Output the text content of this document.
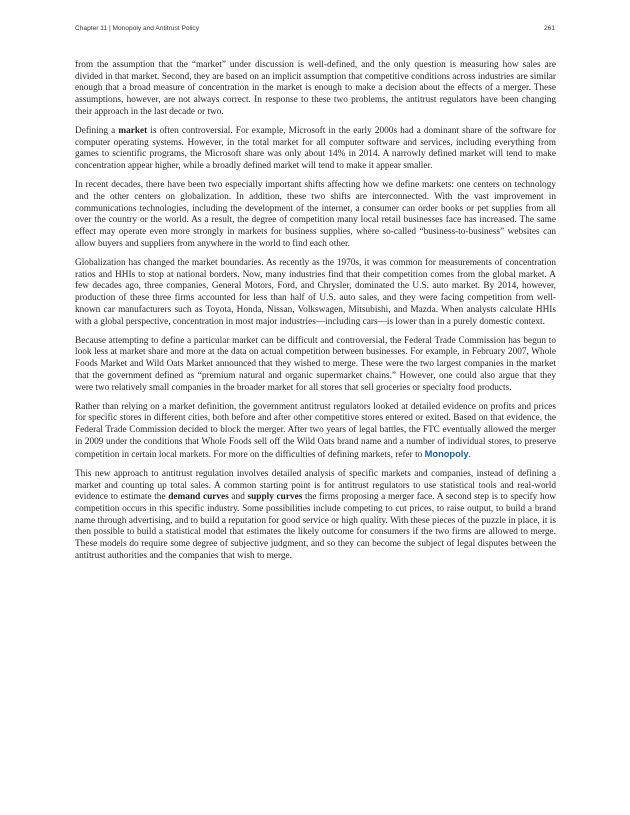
Chapter 11 | Monopoly and Antitrust Policy	261

from the assumption that the “market” under discussion is well-defined, and the only question is measuring how sales are divided in that market. Second, they are based on an implicit assumption that competitive conditions across industries are similar enough that a broad measure of concentration in the market is enough to make a decision about the effects of a merger. These assumptions, however, are not always correct. In response to these two problems, the antitrust regulators have been changing their approach in the last decade or two.

Defining a market is often controversial. For example, Microsoft in the early 2000s had a dominant share of the software for computer operating systems. However, in the total market for all computer software and services, including everything from games to scientific programs, the Microsoft share was only about 14% in 2014. A narrowly defined market will tend to make concentration appear higher, while a broadly defined market will tend to make it appear smaller.

In recent decades, there have been two especially important shifts affecting how we define markets: one centers on technology and the other centers on globalization. In addition, these two shifts are interconnected. With the vast improvement in communications technologies, including the development of the internet, a consumer can order books or pet supplies from all over the country or the world. As a result, the degree of competition many local retail businesses face has increased. The same effect may operate even more strongly in markets for business supplies, where so-called “business-to-business” websites can allow buyers and suppliers from anywhere in the world to find each other.

Globalization has changed the market boundaries. As recently as the 1970s, it was common for measurements of concentration ratios and HHIs to stop at national borders. Now, many industries find that their competition comes from the global market. A few decades ago, three companies, General Motors, Ford, and Chrysler, dominated the U.S. auto market. By 2014, however, production of these three firms accounted for less than half of U.S. auto sales, and they were facing competition from well-known car manufacturers such as Toyota, Honda, Nissan, Volkswagen, Mitsubishi, and Mazda. When analysts calculate HHIs with a global perspective, concentration in most major industries—including cars—is lower than in a purely domestic context.

Because attempting to define a particular market can be difficult and controversial, the Federal Trade Commission has begun to look less at market share and more at the data on actual competition between businesses. For example, in February 2007, Whole Foods Market and Wild Oats Market announced that they wished to merge. These were the two largest companies in the market that the government defined as “premium natural and organic supermarket chains.” However, one could also argue that they were two relatively small companies in the broader market for all stores that sell groceries or specialty food products.

Rather than relying on a market definition, the government antitrust regulators looked at detailed evidence on profits and prices for specific stores in different cities, both before and after other competitive stores entered or exited. Based on that evidence, the Federal Trade Commission decided to block the merger. After two years of legal battles, the FTC eventually allowed the merger in 2009 under the conditions that Whole Foods sell off the Wild Oats brand name and a number of individual stores, to preserve competition in certain local markets. For more on the difficulties of defining markets, refer to Monopoly.

This new approach to antitrust regulation involves detailed analysis of specific markets and companies, instead of defining a market and counting up total sales. A common starting point is for antitrust regulators to use statistical tools and real-world evidence to estimate the demand curves and supply curves the firms proposing a merger face. A second step is to specify how competition occurs in this specific industry. Some possibilities include competing to cut prices, to raise output, to build a brand name through advertising, and to build a reputation for good service or high quality. With these pieces of the puzzle in place, it is then possible to build a statistical model that estimates the likely outcome for consumers if the two firms are allowed to merge. These models do require some degree of subjective judgment, and so they can become the subject of legal disputes between the antitrust authorities and the companies that wish to merge.
